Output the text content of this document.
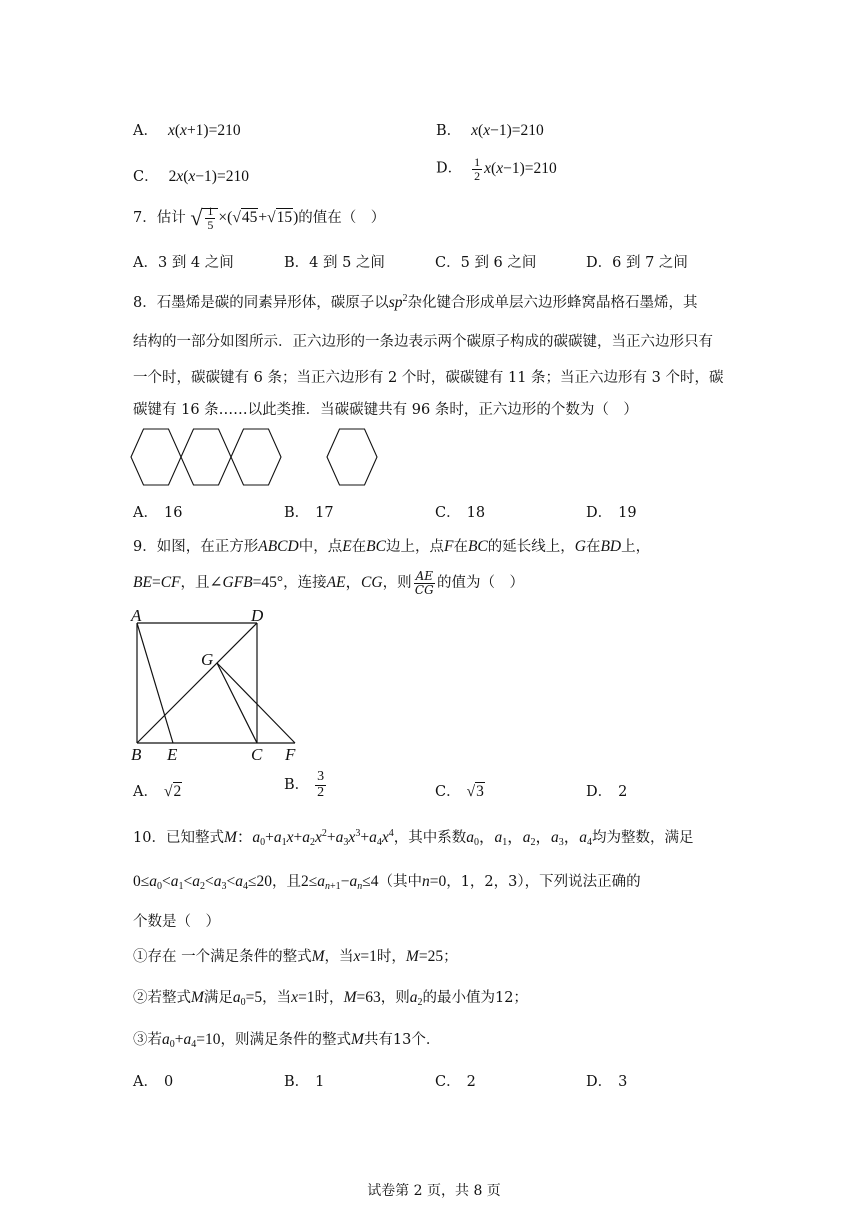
A． x(x+1)=210	B． x(x−1)=210
C． 2x(x−1)=210	D． $\frac{1}{2} x(x-1)=210$
7．估计 √ $\frac{1}{5} \times(√45+√15)$的值在（　）
A．3 到 4 之间	B．4 到 5 之间	C．5 到 6 之间	D．6 到 7 之间
8．石墨烯是碳的同素异形体，碳原子以$sp^2$杂化键合形成单层六边形蜂窝晶格石墨烯，其
结构的一部分如图所示．正六边形的一条边表示两个碳原子构成的碳碳键，当正六边形只有
一个时，碳碳键有 6 条；当正六边形有 2 个时，碳碳键有 11 条；当正六边形有 3 个时，碳
碳键有 16 条……以此类推．当碳碳键共有 96 条时，正六边形的个数为（　）
A． 16	B． 17	C． 18	D． 19
9．如图，在正方形ABCD中，点E在BC边上，点F在BC的延长线上，G在BD上，
BE=CF，且∠GFB=45°，连接AE，CG，则 $\frac{AE}{CG}$ 的值为（　）
A	D
G
B E	C F
A． √2	B． $\frac{3}{2}$	C． √3	D． 2
10．已知整式M：$a_0+a_1x+a_2x^2+a_3x^3+a_4x^4$，其中系数$a_0$，$a_1$，$a_2$，$a_3$，$a_4$均为整数，满足
$0\le a_0<a_1<a_2<a_3<a_4\le 20$，且$2\le a_{n+1}-a_n\le 4$（其中n=0，1，2，3），下列说法正确的
个数是（　）
①存在 一个满足条件的整式M，当x=1时，M=25；
②若整式M满足$a_0=5$，当x=1时，M=63，则$a_2$的最小值为12；
③若$a_0+a_4=10$，则满足条件的整式M共有13个．
A． 0	B． 1	C． 2	D． 3
试卷第 2 页，共 8 页
